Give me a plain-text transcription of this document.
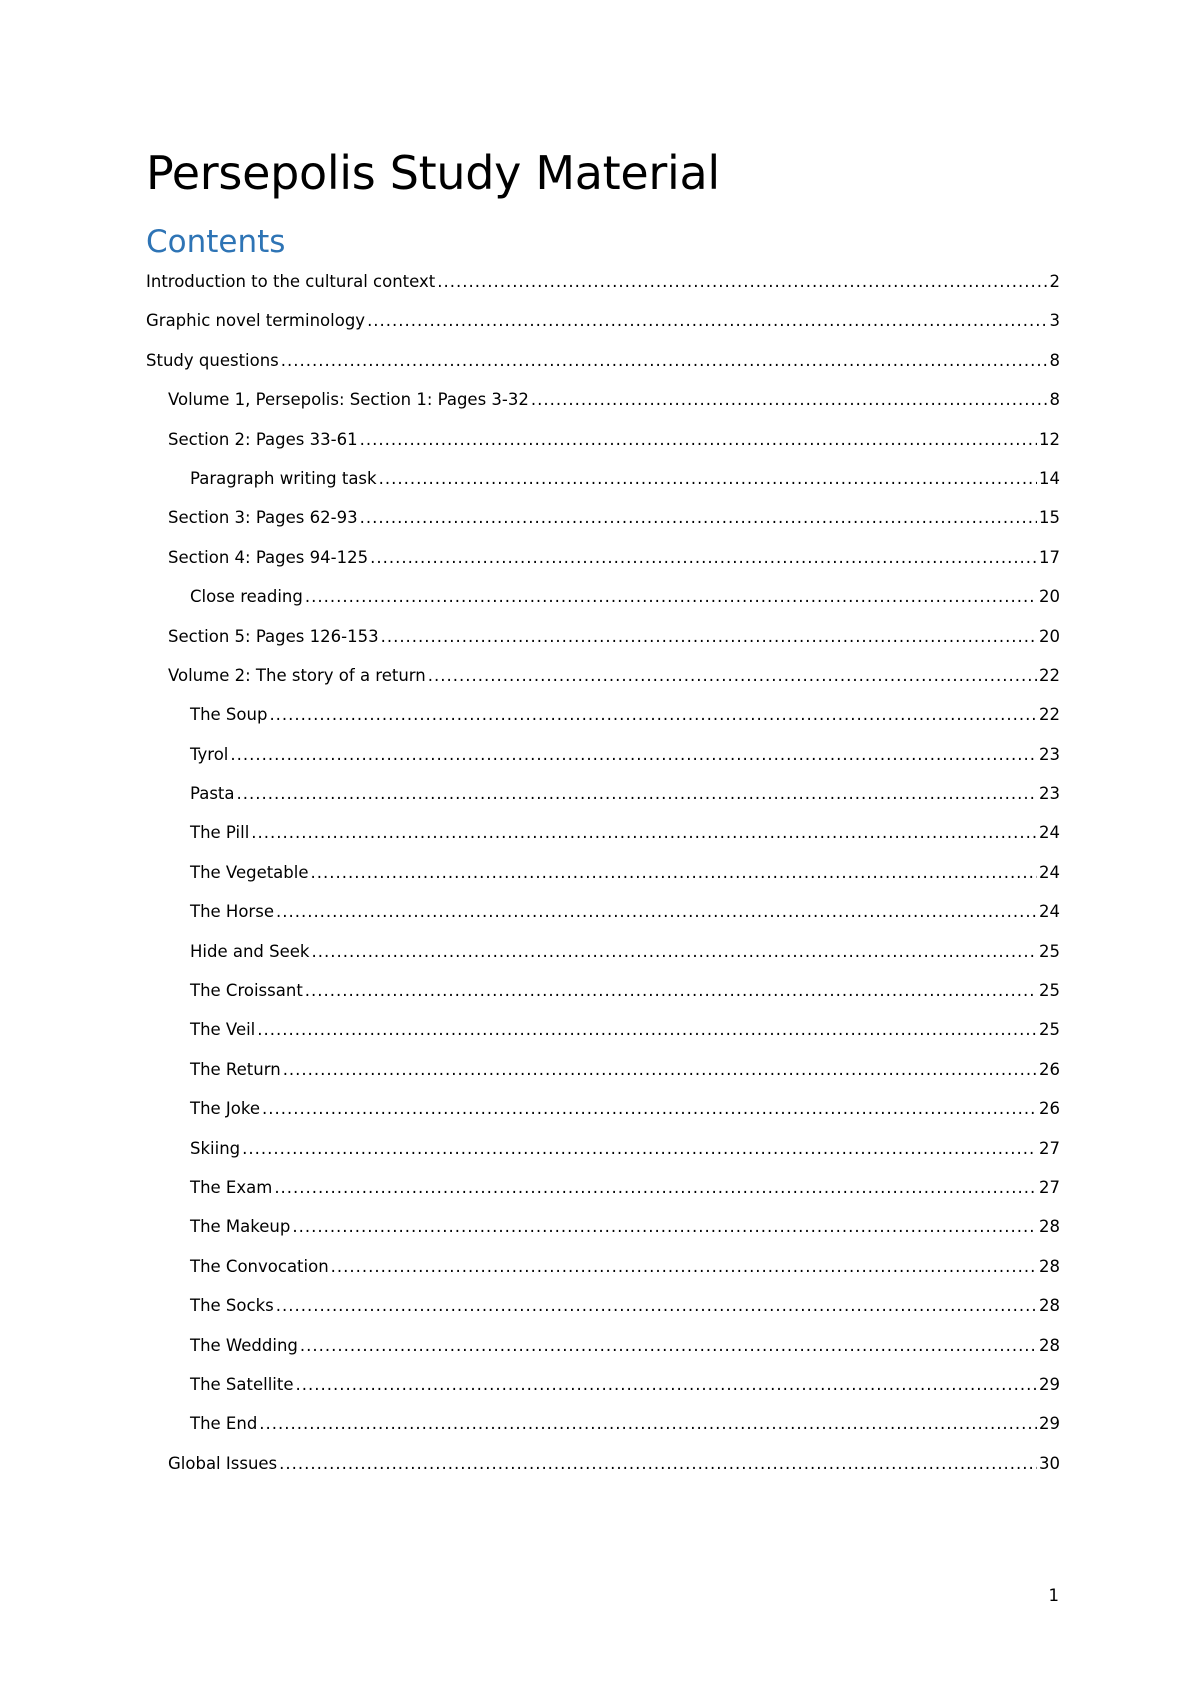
Persepolis Study Material
Contents
Introduction to the cultural context .....	2
Graphic novel terminology .....	3
Study questions .....	8
Volume 1, Persepolis: Section 1: Pages 3-32 .....	8
Section 2: Pages 33-61 .....	12
Paragraph writing task .....	14
Section 3: Pages 62-93 .....	15
Section 4: Pages 94-125 .....	17
Close reading .....	20
Section 5: Pages 126-153 .....	20
Volume 2: The story of a return .....	22
The Soup .....	22
Tyrol .....	23
Pasta .....	23
The Pill .....	24
The Vegetable .....	24
The Horse .....	24
Hide and Seek .....	25
The Croissant .....	25
The Veil .....	25
The Return .....	26
The Joke .....	26
Skiing .....	27
The Exam .....	27
The Makeup .....	28
The Convocation .....	28
The Socks .....	28
The Wedding .....	28
The Satellite .....	29
The End .....	29
Global Issues .....	30
1
